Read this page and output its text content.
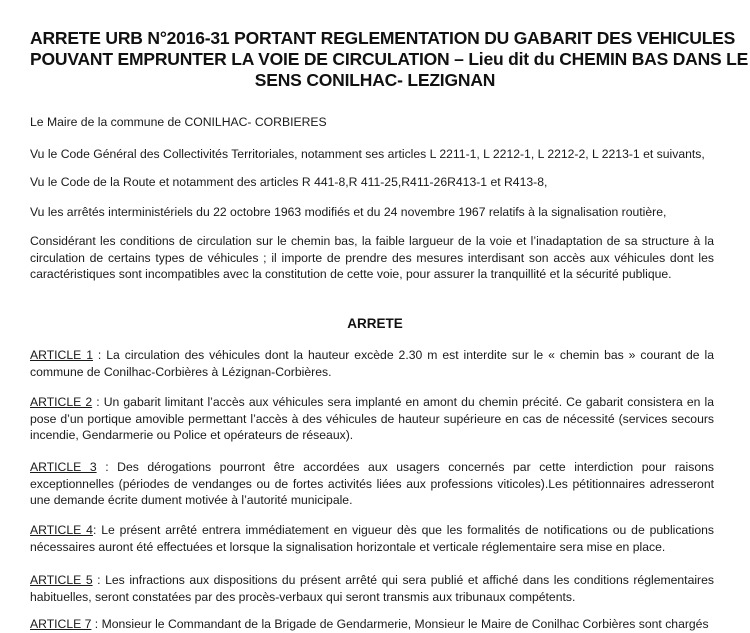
ARRETE URB N°2016-31 PORTANT REGLEMENTATION DU GABARIT DES VEHICULES
POUVANT EMPRUNTER LA VOIE DE CIRCULATION – Lieu dit du CHEMIN BAS DANS LE
SENS CONILHAC- LEZIGNAN
Le Maire de la commune de CONILHAC- CORBIERES
Vu le Code Général des Collectivités Territoriales, notamment ses articles L 2211-1, L 2212-1, L 2212-2, L 2213-1 et suivants,
Vu le Code de la Route et notamment des articles R 441-8,R 411-25,R411-26R413-1 et R413-8,
Vu les arrêtés interministériels du 22 octobre 1963 modifiés et du 24 novembre 1967 relatifs à la signalisation routière,
Considérant les conditions de circulation sur le chemin bas, la faible largueur de la voie et l’inadaptation de sa structure à la circulation de certains types de véhicules ; il importe de prendre des mesures interdisant son accès aux véhicules dont les caractéristiques sont incompatibles avec la constitution de cette voie, pour assurer la tranquillité et la sécurité publique.
ARRETE
ARTICLE 1 : La circulation des véhicules dont la hauteur excède 2.30 m est interdite sur le « chemin bas » courant de la commune de Conilhac-Corbières à Lézignan-Corbières.
ARTICLE 2 : Un gabarit limitant l’accès aux véhicules sera implanté en amont du chemin précité. Ce gabarit consistera en la pose d’un portique amovible permettant l’accès à des véhicules de hauteur supérieure en cas de nécessité (services secours incendie, Gendarmerie ou Police et opérateurs de réseaux).
ARTICLE 3 : Des dérogations pourront être accordées aux usagers concernés par cette interdiction pour raisons exceptionnelles (périodes de vendanges ou de fortes activités liées aux professions viticoles).Les pétitionnaires adresseront une demande écrite dument motivée à l’autorité municipale.
ARTICLE 4: Le présent arrêté entrera immédiatement en vigueur dès que les formalités de notifications ou de publications nécessaires auront été effectuées et lorsque la signalisation horizontale et verticale réglementaire sera mise en place.
ARTICLE 5 : Les infractions aux dispositions du présent arrêté qui sera publié et affiché dans les conditions réglementaires habituelles, seront constatées par des procès-verbaux qui seront transmis aux tribunaux compétents.
ARTICLE 7 : Monsieur le Commandant de la Brigade de Gendarmerie, Monsieur le Maire de Conilhac Corbières sont chargés
